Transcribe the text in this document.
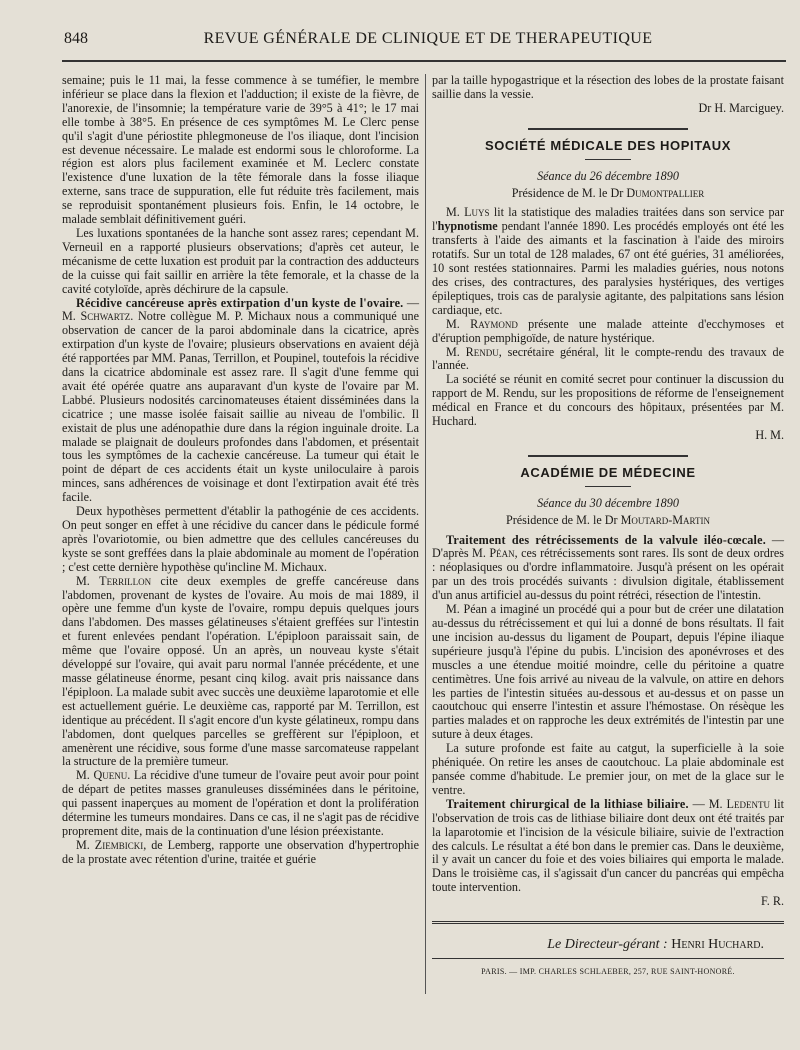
848	REVUE GÉNÉRALE DE CLINIQUE ET DE THERAPEUTIQUE

semaine; puis le 11 mai, la fesse commence à se tuméfier, le membre inférieur se place dans la flexion et l'adduction; il existe de la fièvre, de l'anorexie, de l'insomnie; la température varie de 39°5 à 41°; le 17 mai elle tombe à 38°5. En présence de ces symptômes M. Le Clerc pense qu'il s'agit d'une périostite phlegmoneuse de l'os iliaque, dont l'incision est devenue nécessaire. Le malade est endormi sous le chloroforme. La région est alors plus facilement examinée et M. Leclerc constate l'existence d'une luxation de la tête fémorale dans la fosse iliaque externe, sans trace de suppuration, elle fut réduite très facilement, mais se reproduisit spontanément plusieurs fois. Enfin, le 14 octobre, le malade semblait définitivement guéri.

Les luxations spontanées de la hanche sont assez rares; cependant M. Verneuil en a rapporté plusieurs observations; d'après cet auteur, le mécanisme de cette luxation est produit par la contraction des adducteurs de la cuisse qui fait saillir en arrière la tête femorale, et la chasse de la cavité cotyloïde, après déchirure de la capsule.

Récidive cancéreuse après extirpation d'un kyste de l'ovaire. — M. Schwartz. Notre collègue M. P. Michaux nous a communiqué une observation de cancer de la paroi abdominale dans la cicatrice, après extirpation d'un kyste de l'ovaire; plusieurs observations en avaient déjà été rapportées par MM. Panas, Terrillon, et Poupinel, toutefois la récidive dans la cicatrice abdominale est assez rare. Il s'agit d'une femme qui avait été opérée quatre ans auparavant d'un kyste de l'ovaire par M. Labbé. Plusieurs nodosités carcinomateuses étaient disséminées dans la cicatrice ; une masse isolée faisait saillie au niveau de l'ombilic. Il existait de plus une adénopathie dure dans la région inguinale droite. La malade se plaignait de douleurs profondes dans l'abdomen, et présentait tous les symptômes de la cachexie cancéreuse. La tumeur qui était le point de départ de ces accidents était un kyste uniloculaire à parois minces, sans adhérences de voisinage et dont l'extirpation avait été très facile.

Deux hypothèses permettent d'établir la pathogénie de ces accidents. On peut songer en effet à une récidive du cancer dans le pédicule formé après l'ovariotomie, ou bien admettre que des cellules cancéreuses du kyste se sont greffées dans la plaie abdominale au moment de l'opération ; c'est cette dernière hypothèse qu'incline M. Michaux.

M. Terrillon cite deux exemples de greffe cancéreuse dans l'abdomen, provenant de kystes de l'ovaire. Au mois de mai 1889, il opère une femme d'un kyste de l'ovaire, rompu depuis quelques jours dans l'abdomen. Des masses gélatineuses s'étaient greffées sur l'intestin et furent enlevées pendant l'opération. L'épiploon paraissait sain, de même que l'ovaire opposé. Un an après, un nouveau kyste s'était développé sur l'ovaire, qui avait paru normal l'année précédente, et une masse gélatineuse énorme, pesant cinq kilog. avait pris naissance dans l'épiploon. La malade subit avec succès une deuxième laparotomie et elle est actuellement guérie. Le deuxième cas, rapporté par M. Terrillon, est identique au précédent. Il s'agit encore d'un kyste gélatineux, rompu dans l'abdomen, dont quelques parcelles se greffèrent sur l'épiploon, et amenèrent une récidive, sous forme d'une masse sarcomateuse rappelant la structure de la première tumeur.

M. Quenu. La récidive d'une tumeur de l'ovaire peut avoir pour point de départ de petites masses granuleuses disséminées dans le péritoine, qui passent inaperçues au moment de l'opération et dont la prolifération détermine les tumeurs mondaires. Dans ce cas, il ne s'agit pas de récidive proprement dite, mais de la continuation d'une lésion préexistante.

M. Ziembicki, de Lemberg, rapporte une observation d'hypertrophie de la prostate avec rétention d'urine, traitée et guérie

par la taille hypogastrique et la résection des lobes de la prostate faisant saillie dans la vessie.

Dr H. Marciguey.

SOCIÉTÉ MÉDICALE DES HOPITAUX

Séance du 26 décembre 1890

Présidence de M. le Dr Dumontpallier

M. Luys lit la statistique des maladies traitées dans son service par l'hypnotisme pendant l'année 1890. Les procédés employés ont été les transferts à l'aide des aimants et la fascination à l'aide des miroirs rotatifs. Sur un total de 128 malades, 67 ont été guéries, 31 améliorées, 10 sont restées stationnaires. Parmi les maladies guéries, nous notons des crises, des contractures, des paralysies hystériques, des vertiges épileptiques, trois cas de paralysie agitante, des palpitations sans lésion cardiaque, etc.

M. Raymond présente une malade atteinte d'ecchymoses et d'éruption pemphigoïde, de nature hystérique.

M. Rendu, secrétaire général, lit le compte-rendu des travaux de l'année.

La société se réunit en comité secret pour continuer la discussion du rapport de M. Rendu, sur les propositions de réforme de l'enseignement médical en France et du concours des hôpitaux, présentées par M. Huchard.

H. M.

ACADÉMIE DE MÉDECINE

Séance du 30 décembre 1890

Présidence de M. le Dr Moutard-Martin

Traitement des rétrécissements de la valvule iléo-cœcale. — D'après M. Péan, ces rétrécissements sont rares. Ils sont de deux ordres : néoplasiques ou d'ordre inflammatoire. Jusqu'à présent on les opérait par un des trois procédés suivants : divulsion digitale, établissement d'un anus artificiel au-dessus du point rétréci, résection de l'intestin.

M. Péan a imaginé un procédé qui a pour but de créer une dilatation au-dessus du rétrécissement et qui lui a donné de bons résultats. Il fait une incision au-dessus du ligament de Poupart, depuis l'épine iliaque supérieure jusqu'à l'épine du pubis. L'incision des aponévroses et des muscles a une étendue moitié moindre, celle du péritoine a quatre centimètres. Une fois arrivé au niveau de la valvule, on attire en dehors les parties de l'intestin situées au-dessous et au-dessus et on passe un caoutchouc qui enserre l'intestin et assure l'hémostase. On résèque les parties malades et on rapproche les deux extrémités de l'intestin par une suture à deux étages.

La suture profonde est faite au catgut, la superficielle à la soie phéniquée. On retire les anses de caoutchouc. La plaie abdominale est pansée comme d'habitude. Le premier jour, on met de la glace sur le ventre.

Traitement chirurgical de la lithiase biliaire. — M. Ledentu lit l'observation de trois cas de lithiase biliaire dont deux ont été traités par la laparotomie et l'incision de la vésicule biliaire, suivie de l'extraction des calculs. Le résultat a été bon dans le premier cas. Dans le deuxième, il y avait un cancer du foie et des voies biliaires qui emporta le malade. Dans le troisième cas, il s'agissait d'un cancer du pancréas qui empêcha toute intervention.

F. R.

Le Directeur-gérant : Henri Huchard.

PARIS. — IMP. CHARLES SCHLAEBER, 257, RUE SAINT-HONORÉ.
